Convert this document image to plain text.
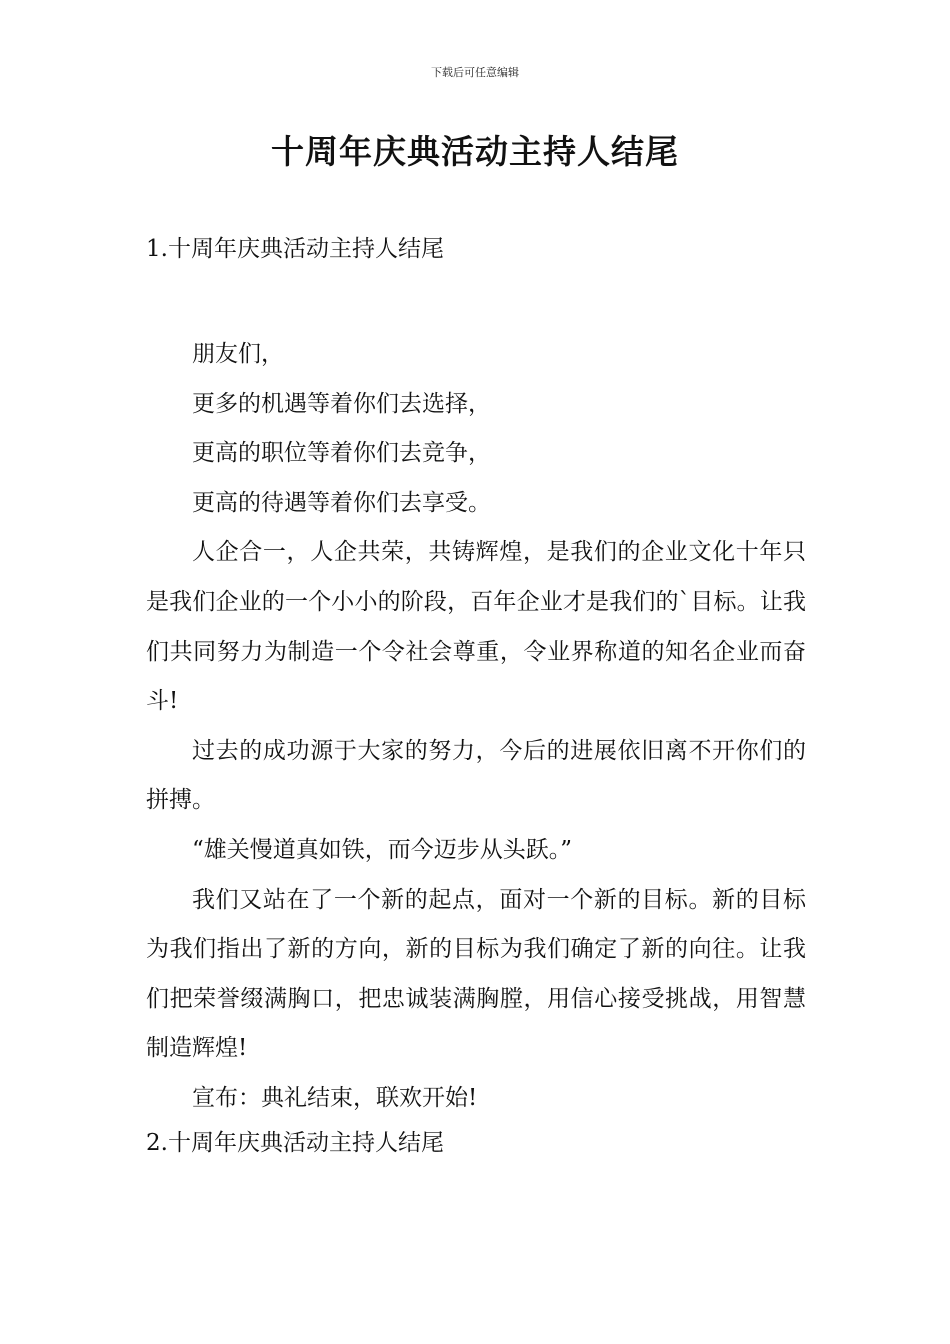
下载后可任意编辑
十周年庆典活动主持人结尾
1.十周年庆典活动主持人结尾

朋友们，

更多的机遇等着你们去选择，

更高的职位等着你们去竞争，

更高的待遇等着你们去享受。

人企合一，人企共荣，共铸辉煌，是我们的企业文化十年只是我们企业的一个小小的阶段，百年企业才是我们的`目标。让我们共同努力为制造一个令社会尊重，令业界称道的知名企业而奋斗!

过去的成功源于大家的努力，今后的进展依旧离不开你们的拼搏。

“雄关慢道真如铁，而今迈步从头跃。”

我们又站在了一个新的起点，面对一个新的目标。新的目标为我们指出了新的方向，新的目标为我们确定了新的向往。让我们把荣誉缀满胸口，把忠诚装满胸膛，用信心接受挑战，用智慧制造辉煌!

宣布：典礼结束，联欢开始!

2.十周年庆典活动主持人结尾
